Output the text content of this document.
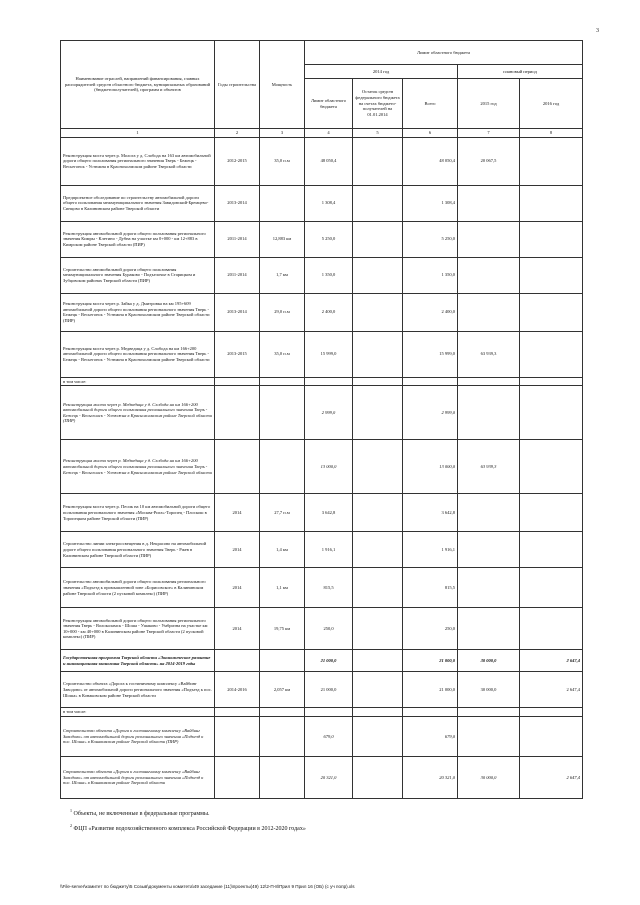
3
Наименование отраслей, направлений финансирования, главных распорядителей средств областного бюджета, муниципальных образований (бюджетополучателей), программ и объектов	Годы строительства	Мощность	Лимит областного бюджета				
			2014 год			плановый период	
			Лимит областного бюджета	Остаток средств федерального бюджета на счетах бюджето-получателей на 01.01.2014	Всего	2015 год	2016 год
1	2	3	4	5	6	7	8
Реконструкция моста через р. Молога у д. Слобода на 163 км автомобильной дороги общего пользования регионального значения Тверь - Бежецк - Весьегонск - Устюжна в Краснохолмском районе Тверской области	2012-2015	35,0 п.м	48 050,4		48 050,4	20 067,5	
Предпроектное обследование по строительству автомобильной дороги общего пользования межмуниципального значения Завидовский-Бремцево-Синцово в Калининском районе Тверской области	2013-2014		1 308,4		1 308,4		
Реконструкция автомобильной дороги общего пользования регионального значения Кимры - Клетино - Дубна на участке км 0+000 - км 12+883 в Кимрском районе Тверской области (ПИР)	2011-2014	12,883 км	5 250,0		5 250,0		
Строительство автомобильной дороги общего пользования межмуниципального значения Бураково - Подъелочье в Старицком и Зубцовском районах Тверской области (ПИР)	2011-2014	1,7 км	1 350,0		1 350,0		
Реконструкция моста через р. Зайка у д. Дмитровка на км 195+609 автомобильной дороги общего пользования регионального значения Тверь - Бежецк - Весьегонск - Устюжна в Краснохолмском районе Тверской области (ПИР)	2013-2014	29,0 п.м	2 400,0		2 400,0		
Реконструкция моста через р. Медведица у д. Слобода на км 166+200 автомобильной дороги общего пользования регионального значения Тверь - Бежецк - Весьегонск - Устюжна в Краснохолмском районе Тверской области	2013-2015	35,0 п.м	15 999,0		15 999,0	63 939,3	
в том числе:							
Реконструкция моста через р. Медведица у д. Слобода на км 166+200 автомобильной дороги общего пользования регионального значения Тверь - Бежецк - Весьегонск - Устюжна в Краснохолмском районе Тверской области (ПИР)			2 999,0		2 999,0		
Реконструкция моста через р. Медведица у д. Слобода на км 166+200 автомобильной дороги общего пользования регионального значения Тверь - Бежецк - Весьегонск - Устюжна в Краснохолмском районе Тверской области			13 000,0		13 000,0	63 939,3	
Реконструкция моста через р. Песик на 10 км автомобильной дороги общего пользования регионального значения «Москва-Рига»-Торопец - Плоскош в Торопецком районе Тверской области (ПИР)	2014	27,7 п.м	3 642,8		3 642,8		
Строительство линии электроосвещения в д. Некрасово на автомобильной дороге общего пользования регионального значения Тверь - Ржев в Калининском районе Тверской области (ПИР)	2014	1,4 км	1 916,1		1 916,1		
Строительство автомобильной дороги общего пользования регионального значения «Подъезд к промышленной зоне «Борисовское» в Калининском районе Тверской области (2 пусковой комплекс) (ПИР)	2014	1,1 км	815,5		815,5		
Реконструкция автомобильной дороги общего пользования регионального значения Тверь - Волоколамск - Шоша - Ушаково - Умбризна на участке км 10+000 - км 40+000 в Калининском районе Тверской области (2 пусковой комплекс) (ПИР)	2014	19,75 км	250,0		250,0		
Государственная программа Тверской области «Экономическое развитие и инновационная экономика Тверской области» на 2014-2019 годы			21 000,0		21 000,0	30 000,0	2 647,4
Строительство объекта «Дорога к гостиничному комплексу «Вайбинг Заводово» от автомобильной дороги регионального значения «Подъезд к пос. Шоша» в Конаковском районе Тверской области	2014-2016	2,057 км	21 000,0		21 000,0	30 000,0	2 647,4
в том числе:							
Строительство объекта «Дорога к гостиничному комплексу «Вайбинг Заводово» от автомобильной дороги регионального значения «Подъезд к пос. Шоша» в Конаковском районе Тверской области (ПИР)			679,0		679,0		
Строительство объекта «Дорога к гостиничному комплексу «Вайбинг Заводово» от автомобильной дороги регионального значения «Подъезд к пос. Шоша» в Конаковском районе Тверской области			20 321,0		20 321,0	30 000,0	2 647,4
$^1$ Объекты, не включенные в федеральные программы.
$^2$ ФЦП «Развитие водохозяйственного комплекса Российской Федерации в 2012-2020 годах»
\\File-server\комитет по бюджету\5 Созыв\документы комитета\49 заседание (11)\проекты(49) 12\2-П-8\Прил 9 Прил 16 (ОБ) (с уч попр).xls
